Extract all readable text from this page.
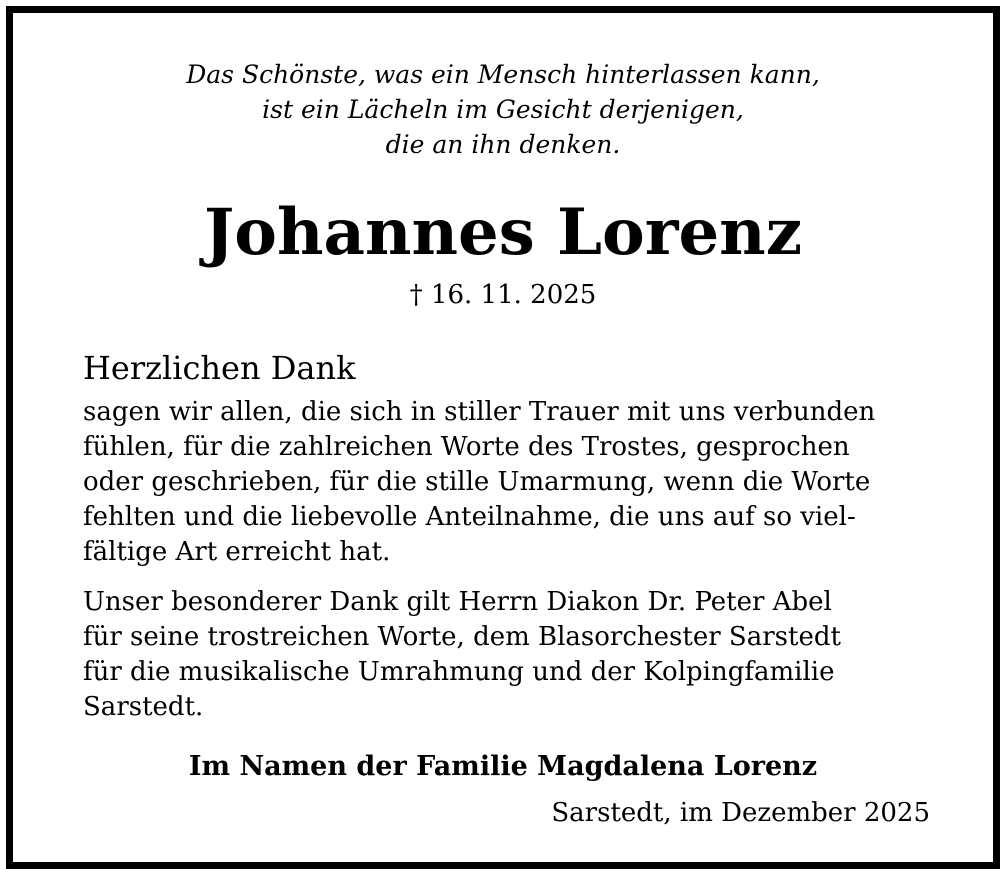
Das Schönste, was ein Mensch hinterlassen kann,
ist ein Lächeln im Gesicht derjenigen,
die an ihn denken.
Johannes Lorenz
† 16. 11. 2025
Herzlichen Dank
sagen wir allen, die sich in stiller Trauer mit uns verbunden
fühlen, für die zahlreichen Worte des Trostes, gesprochen
oder geschrieben, für die stille Umarmung, wenn die Worte
fehlten und die liebevolle Anteilnahme, die uns auf so viel-
fältige Art erreicht hat.
Unser besonderer Dank gilt Herrn Diakon Dr. Peter Abel
für seine trostreichen Worte, dem Blasorchester Sarstedt
für die musikalische Umrahmung und der Kolpingfamilie
Sarstedt.
Im Namen der Familie Magdalena Lorenz
Sarstedt, im Dezember 2025
